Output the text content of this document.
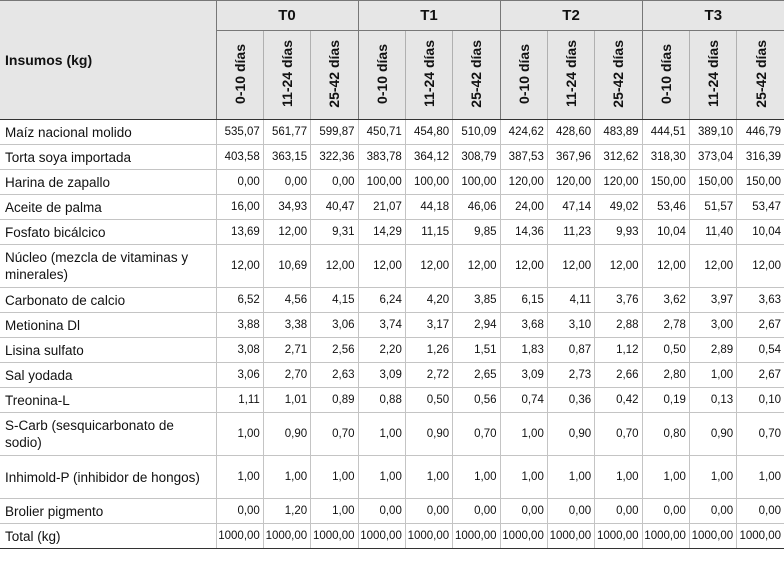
Insumos (kg)	T0			T1			T2			T3		
	0-10 días	11-24 días	25-42 días	0-10 días	11-24 días	25-42 días	0-10 días	11-24 días	25-42 días	0-10 días	11-24 días	25-42 días
Maíz nacional molido	535,07	561,77	599,87	450,71	454,80	510,09	424,62	428,60	483,89	444,51	389,10	446,79
Torta soya importada	403,58	363,15	322,36	383,78	364,12	308,79	387,53	367,96	312,62	318,30	373,04	316,39
Harina de zapallo	0,00	0,00	0,00	100,00	100,00	100,00	120,00	120,00	120,00	150,00	150,00	150,00
Aceite de palma	16,00	34,93	40,47	21,07	44,18	46,06	24,00	47,14	49,02	53,46	51,57	53,47
Fosfato bicálcico	13,69	12,00	9,31	14,29	11,15	9,85	14,36	11,23	9,93	10,04	11,40	10,04
Núcleo (mezcla de vitaminas y minerales)	12,00	10,69	12,00	12,00	12,00	12,00	12,00	12,00	12,00	12,00	12,00	12,00
Carbonato de calcio	6,52	4,56	4,15	6,24	4,20	3,85	6,15	4,11	3,76	3,62	3,97	3,63
Metionina Dl	3,88	3,38	3,06	3,74	3,17	2,94	3,68	3,10	2,88	2,78	3,00	2,67
Lisina sulfato	3,08	2,71	2,56	2,20	1,26	1,51	1,83	0,87	1,12	0,50	2,89	0,54
Sal yodada	3,06	2,70	2,63	3,09	2,72	2,65	3,09	2,73	2,66	2,80	1,00	2,67
Treonina-L	1,11	1,01	0,89	0,88	0,50	0,56	0,74	0,36	0,42	0,19	0,13	0,10
S-Carb (sesquicarbonato de sodio)	1,00	0,90	0,70	1,00	0,90	0,70	1,00	0,90	0,70	0,80	0,90	0,70
Inhimold-P (inhibidor de hongos)	1,00	1,00	1,00	1,00	1,00	1,00	1,00	1,00	1,00	1,00	1,00	1,00
Brolier pigmento	0,00	1,20	1,00	0,00	0,00	0,00	0,00	0,00	0,00	0,00	0,00	0,00
Total (kg)	1000,00	1000,00	1000,00	1000,00	1000,00	1000,00	1000,00	1000,00	1000,00	1000,00	1000,00	1000,00
